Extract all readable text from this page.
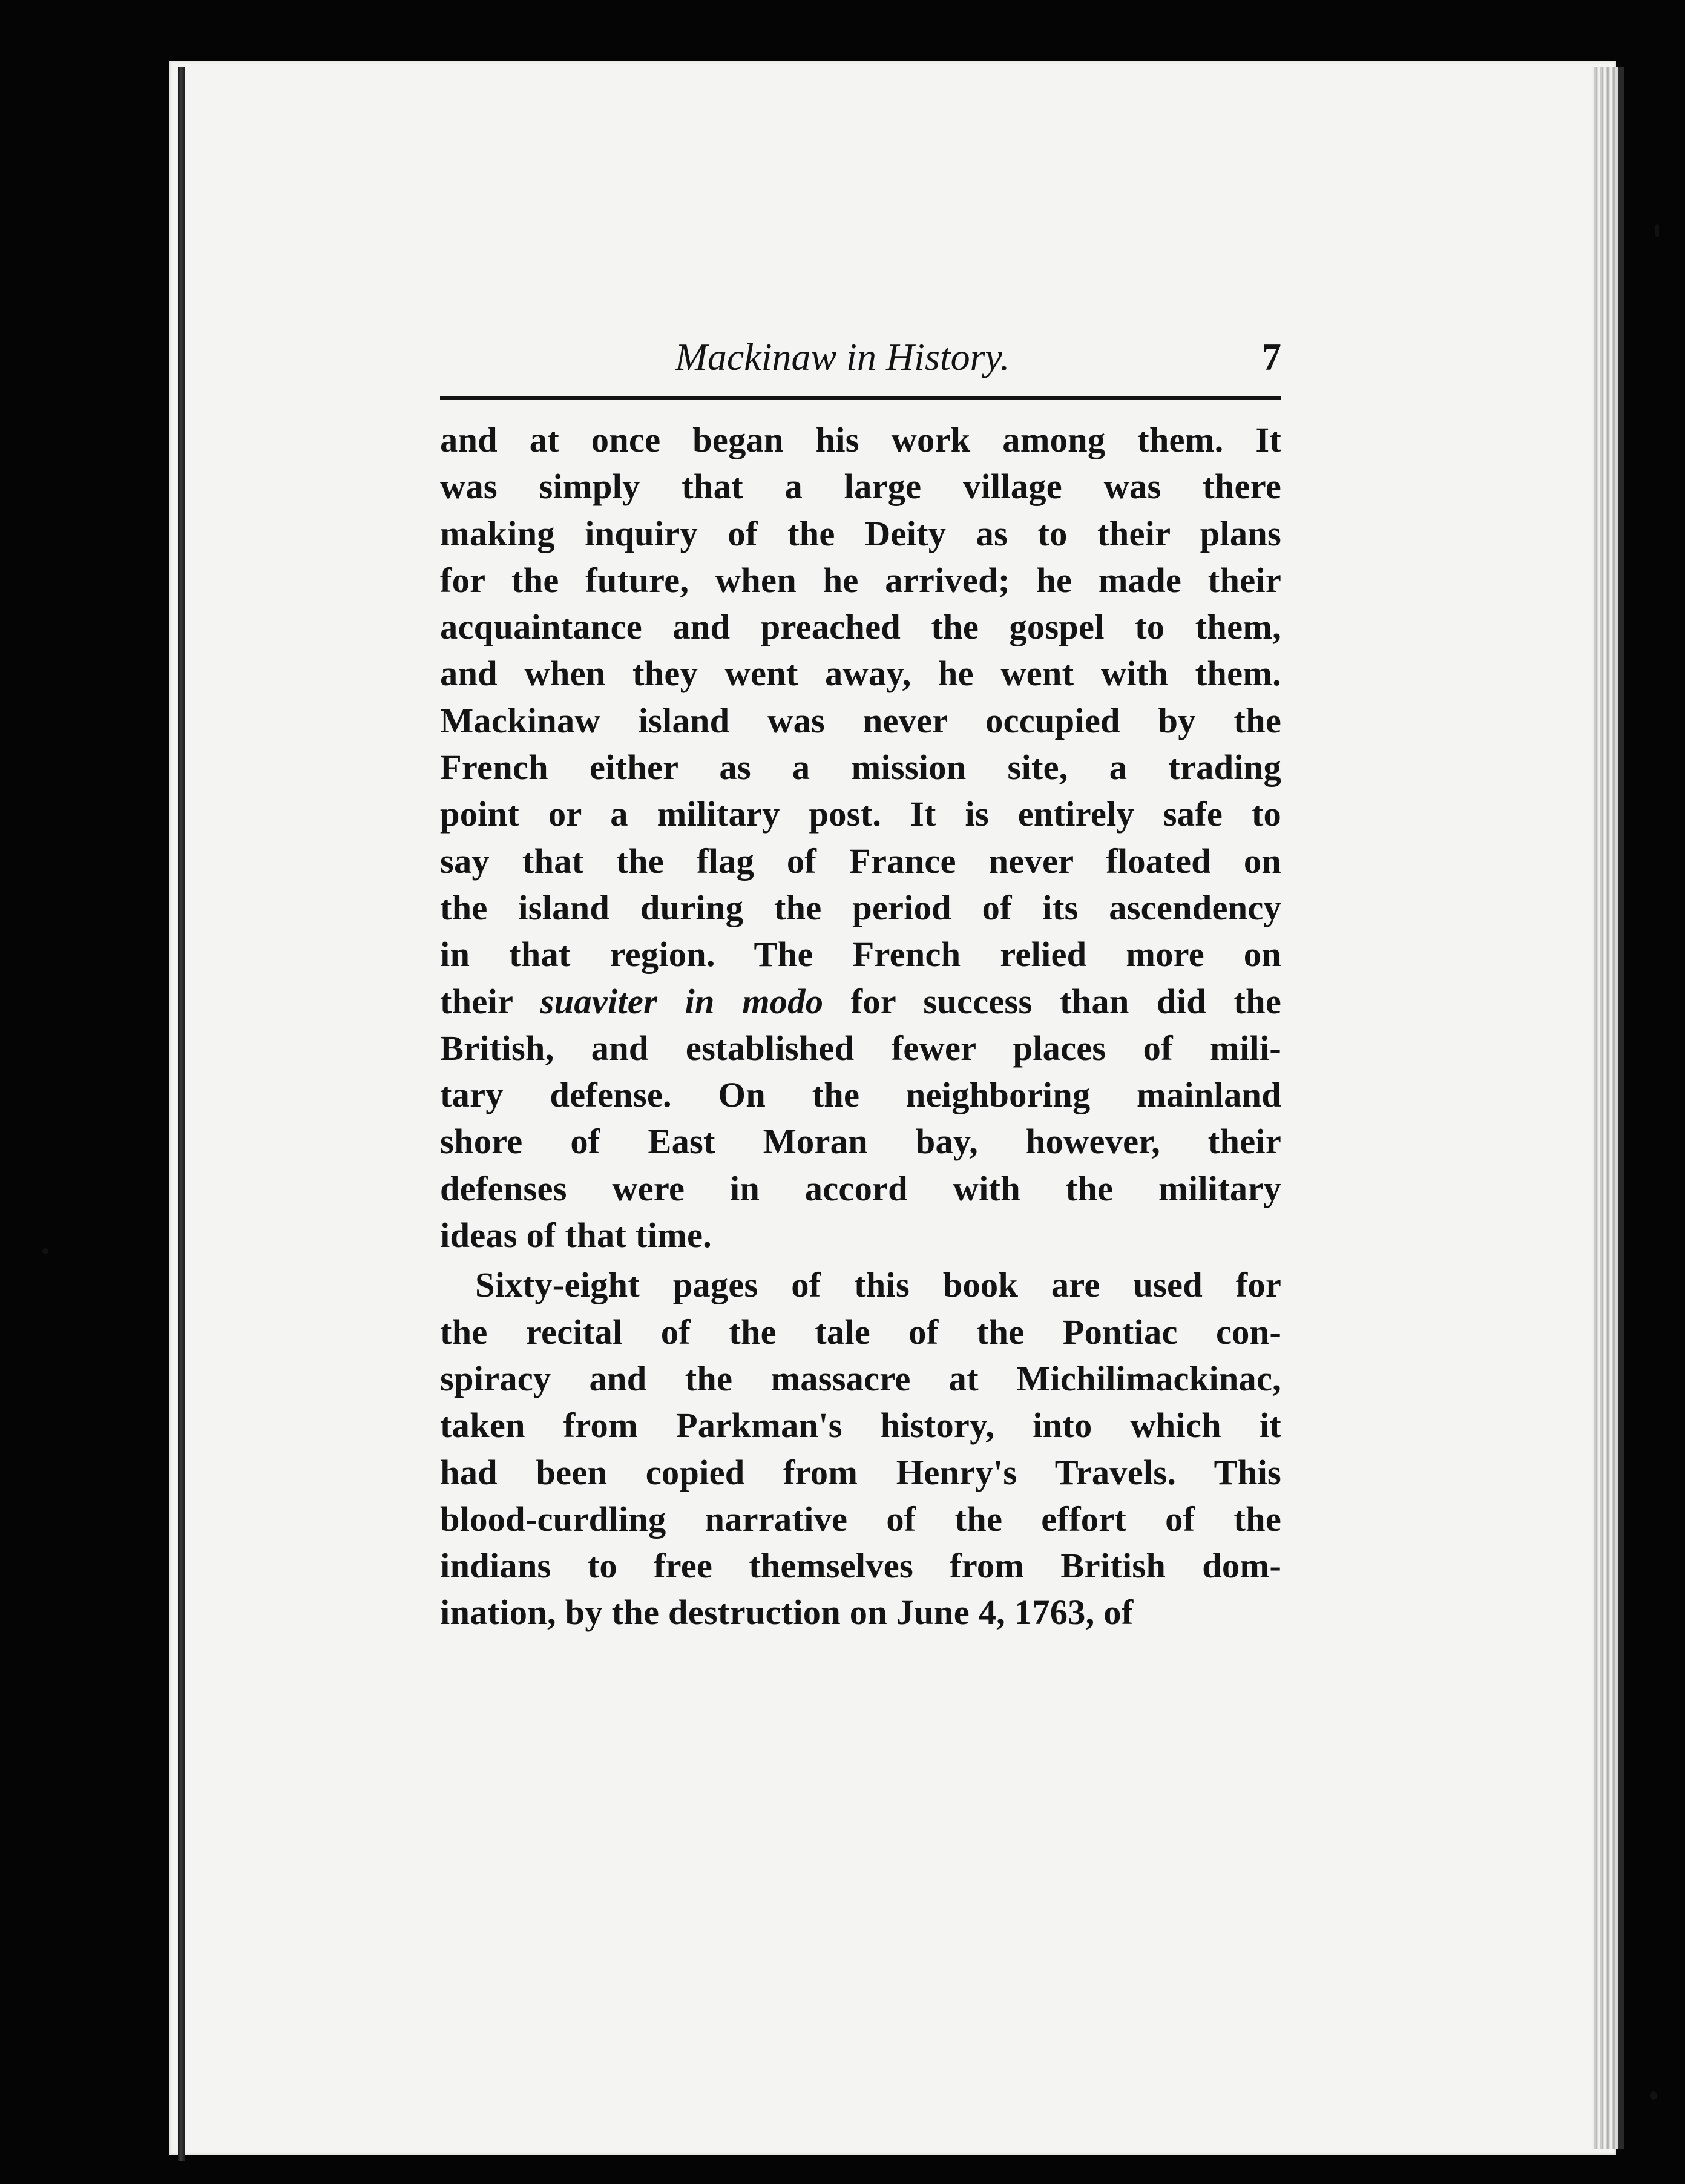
Mackinaw in History.	7

and at once began his work among them. It
was simply that a large village was there
making inquiry of the Deity as to their plans
for the future, when he arrived; he made their
acquaintance and preached the gospel to them,
and when they went away, he went with them.
Mackinaw island was never occupied by the
French either as a mission site, a trading
point or a military post. It is entirely safe to
say that the flag of France never floated on
the island during the period of its ascendency
in that region. The French relied more on
their suaviter in modo for success than did the
British, and established fewer places of mili-
tary defense. On the neighboring mainland
shore of East Moran bay, however, their
defenses were in accord with the military
ideas of that time.

Sixty-eight pages of this book are used for
the recital of the tale of the Pontiac con-
spiracy and the massacre at Michilimackinac,
taken from Parkman's history, into which it
had been copied from Henry's Travels. This
blood-curdling narrative of the effort of the
indians to free themselves from British dom-
ination, by the destruction on June 4, 1763, of
